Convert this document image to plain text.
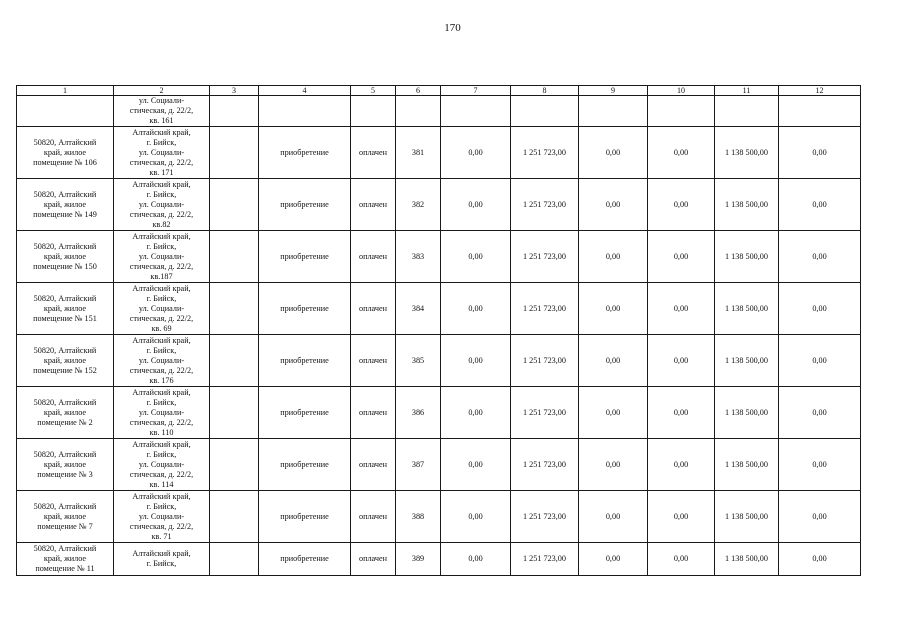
170
1	2	3	4	5	6	7	8	9	10	11	12
	ул. Социали-
стическая, д. 22/2,
кв. 161										
50820, Алтайский
край, жилое
помещение № 106	Алтайский край,
г. Бийск,
ул. Социали-
стическая, д. 22/2,
кв. 171		приобретение	оплачен	381	0,00	1 251 723,00	0,00	0,00	1 138 500,00	0,00
50820, Алтайский
край, жилое
помещение № 149	Алтайский край,
г. Бийск,
ул. Социали-
стическая, д. 22/2,
кв.82		приобретение	оплачен	382	0,00	1 251 723,00	0,00	0,00	1 138 500,00	0,00
50820, Алтайский
край, жилое
помещение № 150	Алтайский край,
г. Бийск,
ул. Социали-
стическая, д. 22/2,
кв.187		приобретение	оплачен	383	0,00	1 251 723,00	0,00	0,00	1 138 500,00	0,00
50820, Алтайский
край, жилое
помещение № 151	Алтайский край,
г. Бийск,
ул. Социали-
стическая, д. 22/2,
кв. 69		приобретение	оплачен	384	0,00	1 251 723,00	0,00	0,00	1 138 500,00	0,00
50820, Алтайский
край, жилое
помещение № 152	Алтайский край,
г. Бийск,
ул. Социали-
стическая, д. 22/2,
кв. 176		приобретение	оплачен	385	0,00	1 251 723,00	0,00	0,00	1 138 500,00	0,00
50820, Алтайский
край, жилое
помещение № 2	Алтайский край,
г. Бийск,
ул. Социали-
стическая, д. 22/2,
кв. 110		приобретение	оплачен	386	0,00	1 251 723,00	0,00	0,00	1 138 500,00	0,00
50820, Алтайский
край, жилое
помещение № 3	Алтайский край,
г. Бийск,
ул. Социали-
стическая, д. 22/2,
кв. 114		приобретение	оплачен	387	0,00	1 251 723,00	0,00	0,00	1 138 500,00	0,00
50820, Алтайский
край, жилое
помещение № 7	Алтайский край,
г. Бийск,
ул. Социали-
стическая, д. 22/2,
кв. 71		приобретение	оплачен	388	0,00	1 251 723,00	0,00	0,00	1 138 500,00	0,00
50820, Алтайский
край, жилое
помещение № 11	Алтайский край,
г. Бийск,		приобретение	оплачен	389	0,00	1 251 723,00	0,00	0,00	1 138 500,00	0,00
